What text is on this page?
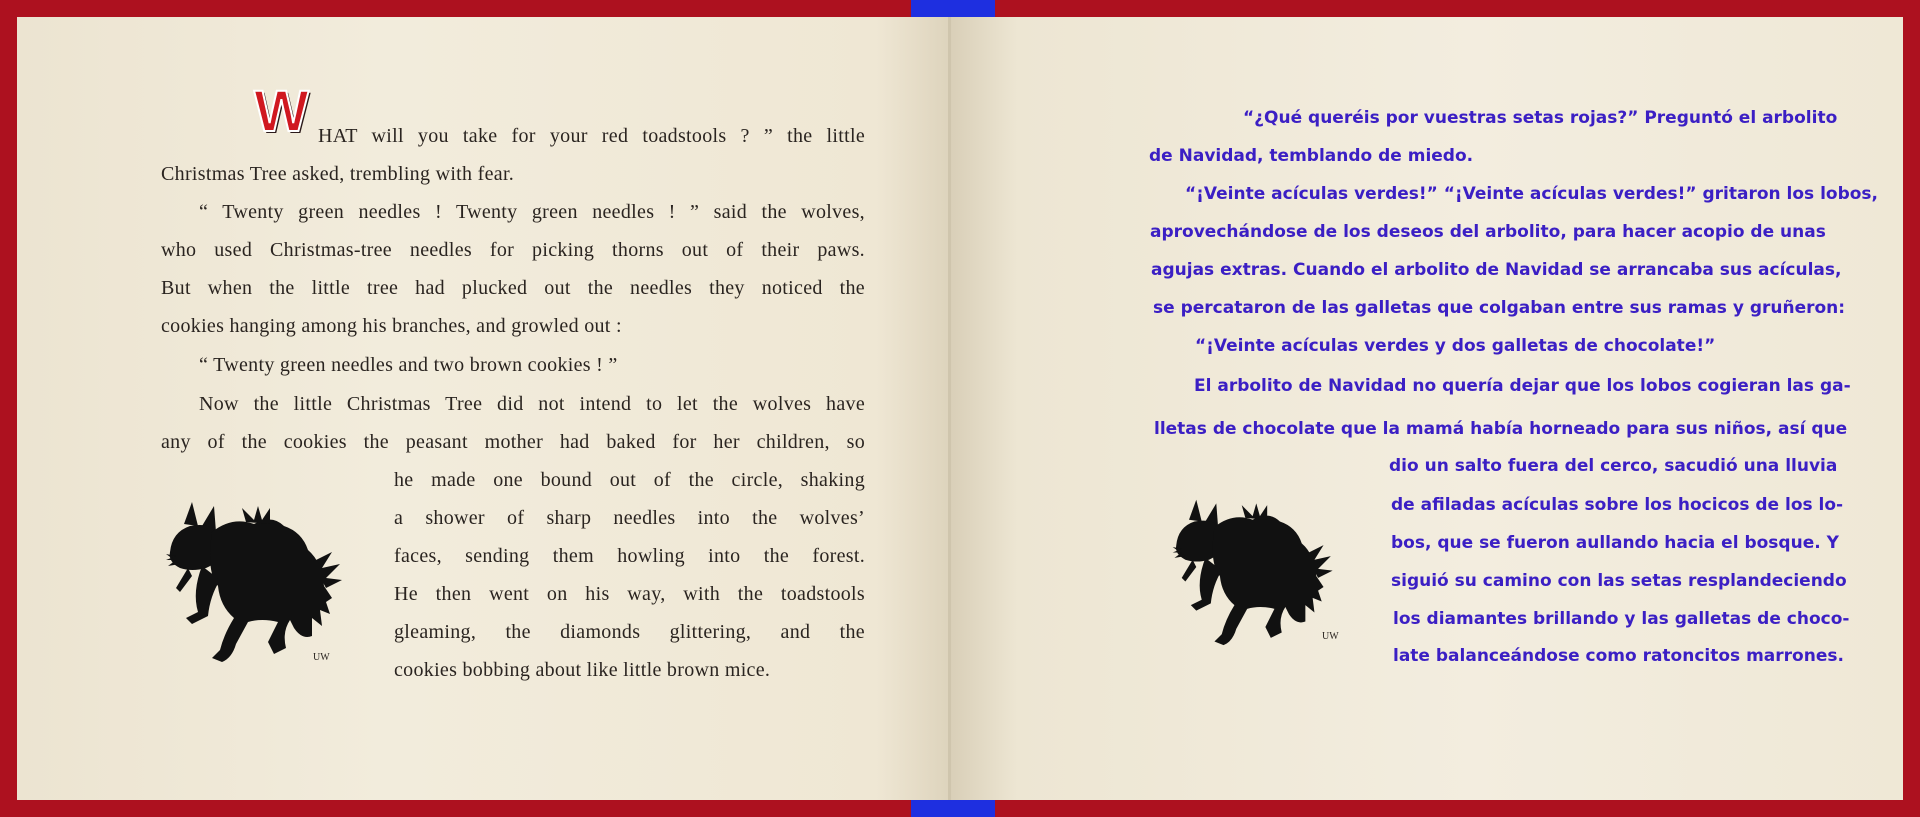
W HAT will you take for your red toadstools ? ” the little
Christmas Tree asked, trembling with fear.
“ Twenty green needles ! Twenty green needles ! ” said the wolves,
who used Christmas-tree needles for picking thorns out of their paws.
But when the little tree had plucked out the needles they noticed the
cookies hanging among his branches, and growled out :
“ Twenty green needles and two brown cookies ! ”
Now the little Christmas Tree did not intend to let the wolves have
any of the cookies the peasant mother had baked for her children, so
he made one bound out of the circle, shaking
a shower of sharp needles into the wolves’
faces, sending them howling into the forest.
He then went on his way, with the toadstools
gleaming, the diamonds glittering, and the
cookies bobbing about like little brown mice.
UW
“¿Qué queréis por vuestras setas rojas?” Preguntó el arbolito
de Navidad, temblando de miedo.
“¡Veinte acículas verdes!” “¡Veinte acículas verdes!” gritaron los lobos,
aprovechándose de los deseos del arbolito, para hacer acopio de unas
agujas extras. Cuando el arbolito de Navidad se arrancaba sus acículas,
se percataron de las galletas que colgaban entre sus ramas y gruñeron:
“¡Veinte acículas verdes y dos galletas de chocolate!”
El arbolito de Navidad no quería dejar que los lobos cogieran las ga-
lletas de chocolate que la mamá había horneado para sus niños, así que
dio un salto fuera del cerco, sacudió una lluvia
de afiladas acículas sobre los hocicos de los lo-
bos, que se fueron aullando hacia el bosque. Y
siguió su camino con las setas resplandeciendo
los diamantes brillando y las galletas de choco-
late balanceándose como ratoncitos marrones.
UW
